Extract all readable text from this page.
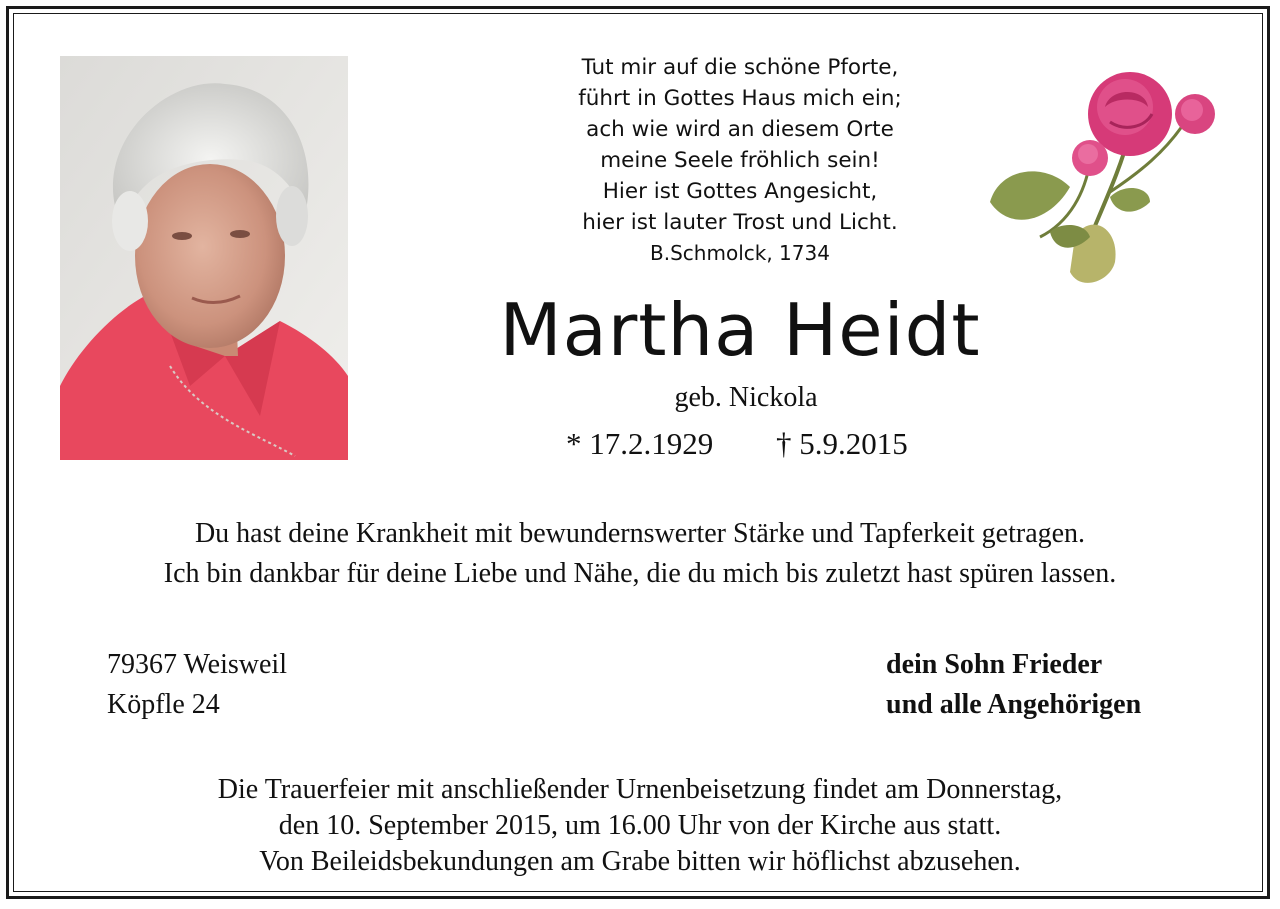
Tut mir auf die schöne Pforte,
führt in Gottes Haus mich ein;
ach wie wird an diesem Orte
meine Seele fröhlich sein!
Hier ist Gottes Angesicht,
hier ist lauter Trost und Licht.
B.Schmolck, 1734
Martha Heidt
geb. Nickola
* 17.2.1929 † 5.9.2015
Du hast deine Krankheit mit bewundernswerter Stärke und Tapferkeit getragen.
Ich bin dankbar für deine Liebe und Nähe, die du mich bis zuletzt hast spüren lassen.
79367 Weisweil
Köpfle 24
dein Sohn Frieder
und alle Angehörigen
Die Trauerfeier mit anschließender Urnenbeisetzung findet am Donnerstag,
den 10. September 2015, um 16.00 Uhr von der Kirche aus statt.
Von Beileidsbekundungen am Grabe bitten wir höflichst abzusehen.
